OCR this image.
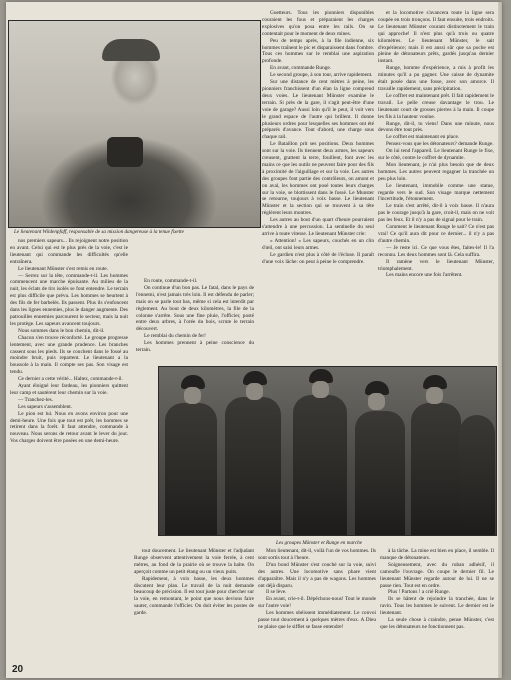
Le lieutenant Wildenpfaff, responsable de sa mission dangereuse à la tenue fixette

nos premiers sapeurs... Ils rejoignent notre position en avant. Celui qui est le plus près de la voie, c'est le lieutenant qui commande les difficultés qu'elle entraînera.

Le lieutenant Münster s'est remis en route.

— Serrez sur la tête, commande-t-il. Les hommes commencent une marche épuisante. Au milieu de la nuit, les éclats de tirs isolés se font entendre. Le terrain est plus difficile que prévu. Les hommes se heurtent à des fils de fer barbelés. Ils passent. Plus ils s'enfoncent dans les lignes ennemies, plus le danger augmente. Des patrouilles ennemies parcourent le secteur, mais la nuit les protège. Les sapeurs avancent toujours.

Nous sommes dans le bon chemin, dit-il.

Chacun s'en trouve réconforté. Le groupe progresse lentement, avec une grande prudence. Les branches cassent sous les pieds. Ils se couchent dans le fossé au moindre bruit, puis repartent. Le lieutenant a la boussole à la main. Il compte ses pas. Son visage est tendu.

Ce dernier a cette vérité... Haltez, commande-t-il.

Ayant éloigné leur fardeau, les pionniers quittent leur camp et sautèrent leur chemin sur la voie.

— Tranchez-les.

Les sapeurs s'assemblent.

Le pion est lui. Nous en avons environ pour une demi-heure. Une fois que tout est prêt, les hommes se retirent dans la forêt. Il faut attendre, commande à nouveau. Nous serons de retour avant le lever du jour. Vos charges doivent être posées en une demi-heure.

Guetteurs. Tous les pionniers disponibles couraient les fous et préparaient les charges explosives qu'on posa entre les rails. On se contentait pour le moment de deux mines.

Peu de temps après, à la file indienne, six hommes traînent le pic et disparaissent dans l'ombre. Tous ces hommes sur le remblai une aspiration profonde.

En avant, commande Runge.

Le second groupe, à son tour, arrive rapidement.

Sur une distance de cent mètres à peine, les pionniers franchissent d'un élan la ligne comprend deux voies. Le lieutenant Münster examine le terrain. Si près de la gare, il s'agit peut-être d'une voie de garage? Aussi loin qu'il le peut, il voit vers le grand espace de l'autre qui brillent. Il donne plusieurs ordres pour lesquelles ses hommes ont été préparés d'avance. Tout d'abord, une charge sous chaque rail.

Le Bataillon prit ses positions. Deux hommes sont sur la voie. Ils tiennent deux armes, les sapeurs creusent, grattent la terre, fouillent, font avec les mains ce que les outils ne peuvent faire pour des fils à proximité de l'aiguillage et sur la voie. Les autres des groupes font partie des contrôleurs, on amont et on aval, les hommes ont posé toutes leurs charges sur la voie, se blottissent dans le fossé. Le Munster se retourne, toujours à voix basse. Le lieutenant Münster et la section qui se trouvent à sa tête réglèrent leurs montres.

Les autres au bout d'un quart d'heure pourraient s'attendre à une percussion. La sentinelle du seul arrive à toute vitesse. Le lieutenant Münster crie:

« Attention! » Les sapeurs, couchés en un clin d'œil, ont saisi leurs armes.

Le gardien n'est plus à côté de l'écluse. Il paraît d'une voix lâche: on peut à peine le comprendre.

En route, commande-t-il.

On continue d'un bon pas. Le fatal, dans le pays de l'ennemi, n'est jamais très loin. Il est défendu de parler; mais on se parle tout bas, même si cela est interdit par règlement. Au bout de deux kilomètres, la file de la colonne s'arrête. Sous une fine pluie, l'officier, posté entre deux arbres, à l'orée du bois, scrute le terrain découvert.

Le remblai du chemin de fer!

Les hommes prennent à peine conscience du terrain.

et la locomotive s'avancera toute la ligne sera coupée en trois tronçons. Il faut ensuite, trois endroits. Le lieutenant Münster courant distinctement le train qui approche! Il n'est plus qu'à trois ou quatre kilomètres. Le lieutenant Münster, le sait d'expérience; mais il est aussi sûr que sa poche est pleine de détonateurs prêts, gardés jusqu'au dernier instant.

Runge, homme d'expérience, a mis à profit les minutes qu'il a pu gagner. Une caisse de dynamite était posée dans une fosse, avec son amorce. Il travaille rapidement, sans précipitation.

Le coffret est maintenant prêt. Il fait rapidement le travail. Le pelle creuse davantage le trou. Le lieutenant court de grosses pierres à la main. Il coupe les fils à la hauteur voulue.

Runge, dit-il, tu viens! Dans une minute, nous devons être tout près.

Le coffret est maintenant en place.

Pensez-vous que les détonateurs? demande Runge.

On lui tend l'appareil. Le lieutenant Runge le fixe, sur le côté, contre le coffret de dynamite.

Mon lieutenant, je n'ai plus besoin que de deux hommes. Les autres peuvent regagner la tranchée un peu plus loin.

Le lieutenant, immobile comme une statue, regarde vers le sud. Son visage marque nettement l'incertitude, l'étonnement.

Le train s'est arrêté, dit-il à voix basse. Il n'aura pas le courage jusqu'à la gare, croit-il, mais on ne voit pas les feux. Et il n'y a pas de signal pour le train.

Comment le lieutenant Runge le sait? Ce n'est pas vrai! Ce qu'il aura dit pour ce dernier... il n'y a pas d'autre chemin.

— Je reste ici. Ce que vous êtes, faites-le! Il l'a reconnu. Les deux hommes sont là. Cela suffira.

Il ramène vers le lieutenant Münster, triomphalement.

Les mains encore une fois l'arrêtent.

Les groupes Mänster et Runge en marche

tout doucement. Le lieutenant Münster et l'adjudant Runge observent attentivement la voie ferrée, à cent mètres, au fond de la prairie où se trouve la halte. On aperçoit comme un petit étang ou un vieux puits.

Rapidement, à voix basse, les deux hommes discutent leur plan. Le travail de la nuit demande beaucoup de précision. Il est tout juste pour chercher sur la voie, en remontant, le point que nous devions faire sauter, commande l'officier. On doit éviter les postes de garde.

Mon lieutenant, dit-il, voilà l'un de vos hommes. Ils sont sortis tout à l'heure.

D'un bond Münster s'est couché sur la voie, suivi des autres. Une locomotive sans phare vient d'apparaître. Mais il n'y a pas de wagons. Les hommes ont déjà disparu.

Il se lève.

En avant, crie-t-il. Dépêchons-nous! Tout le monde sur l'autre voie!

Les hommes obéissent immédiatement. Le convoi passe tout doucement à quelques mètres d'eux. A Dieu ne plaise que le sifflet se fasse entendre!

à la tâche. La mine est bien en place, il semble. Il manque de détonateurs.

Soigneusement, avec du ruban adhésif, il camoufle l'ouvrage. On coupe le dernier fil. Le lieutenant Münster regarde autour de lui. Il ne se passe rien. Tout est en ordre.

Plus ! Partons ! a crié Runge.

Ils se hâtent de rejoindre la tranchée, dans le ravin. Tous les hommes le suivent. Le dernier est le lieutenant.

La seule chose à craindre, pense Münster, c'est que les détonateurs ne fonctionnent pas.

20
